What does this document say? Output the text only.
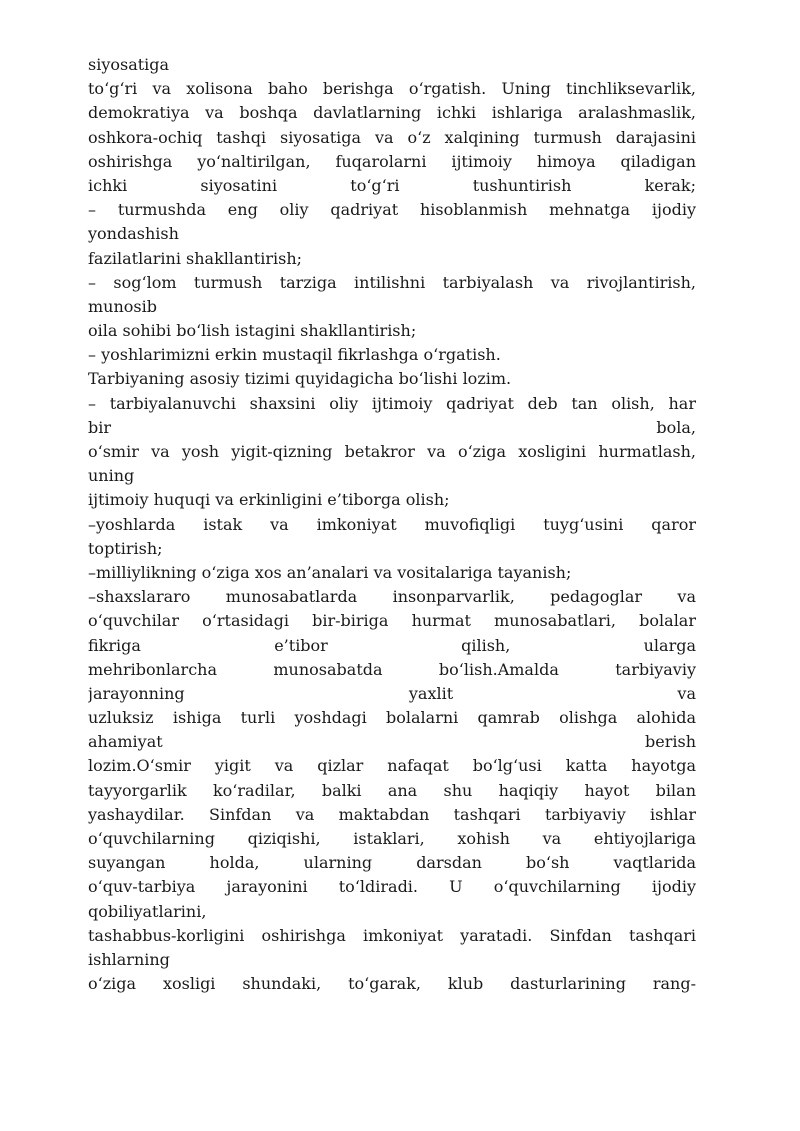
siyosatiga
to‘g‘ri va xolisona baho berishga o‘rgatish. Uning tinchliksevarlik,
demokratiya va boshqa davlatlarning ichki ishlariga aralashmaslik,
oshkora-ochiq tashqi siyosatiga va o‘z xalqining turmush darajasini
oshirishga yo‘naltirilgan, fuqarolarni ijtimoiy himoya qiladigan
ichki siyosatini to‘g‘ri tushuntirish kerak;
– turmushda eng oliy qadriyat hisoblanmish mehnatga ijodiy
yondashish
fazilatlarini shakllantirish;
– sog‘lom turmush tarziga intilishni tarbiyalash va rivojlantirish,
munosib
oila sohibi bo‘lish istagini shakllantirish;
– yoshlarimizni erkin mustaqil fikrlashga o‘rgatish.
Tarbiyaning asosiy tizimi quyidagicha bo‘lishi lozim.
– tarbiyalanuvchi shaxsini oliy ijtimoiy qadriyat deb tan olish, har
bir bola,
o‘smir va yosh yigit-qizning betakror va o‘ziga xosligini hurmatlash,
uning
ijtimoiy huquqi va erkinligini e’tiborga olish;
–yoshlarda istak va imkoniyat muvofiqligi tuyg‘usini qaror
toptirish;
–milliylikning o‘ziga xos an’analari va vositalariga tayanish;
–shaxslararo munosabatlarda insonparvarlik, pedagoglar va
o‘quvchilar o‘rtasidagi bir-biriga hurmat munosabatlari, bolalar
fikriga e’tibor qilish, ularga
mehribonlarcha munosabatda bo‘lish.Amalda tarbiyaviy
jarayonning yaxlit va
uzluksiz ishiga turli yoshdagi bolalarni qamrab olishga alohida
ahamiyat berish
lozim.O‘smir yigit va qizlar nafaqat bo‘lg‘usi katta hayotga
tayyorgarlik ko‘radilar, balki ana shu haqiqiy hayot bilan
yashaydilar. Sinfdan va maktabdan tashqari tarbiyaviy ishlar
o‘quvchilarning qiziqishi, istaklari, xohish va ehtiyojlariga
suyangan holda, ularning darsdan bo‘sh vaqtlarida
o‘quv-tarbiya jarayonini to‘ldiradi. U o‘quvchilarning ijodiy
qobiliyatlarini,
tashabbus-korligini oshirishga imkoniyat yaratadi. Sinfdan tashqari
ishlarning
o‘ziga xosligi shundaki, to‘garak, klub dasturlarining rang-
